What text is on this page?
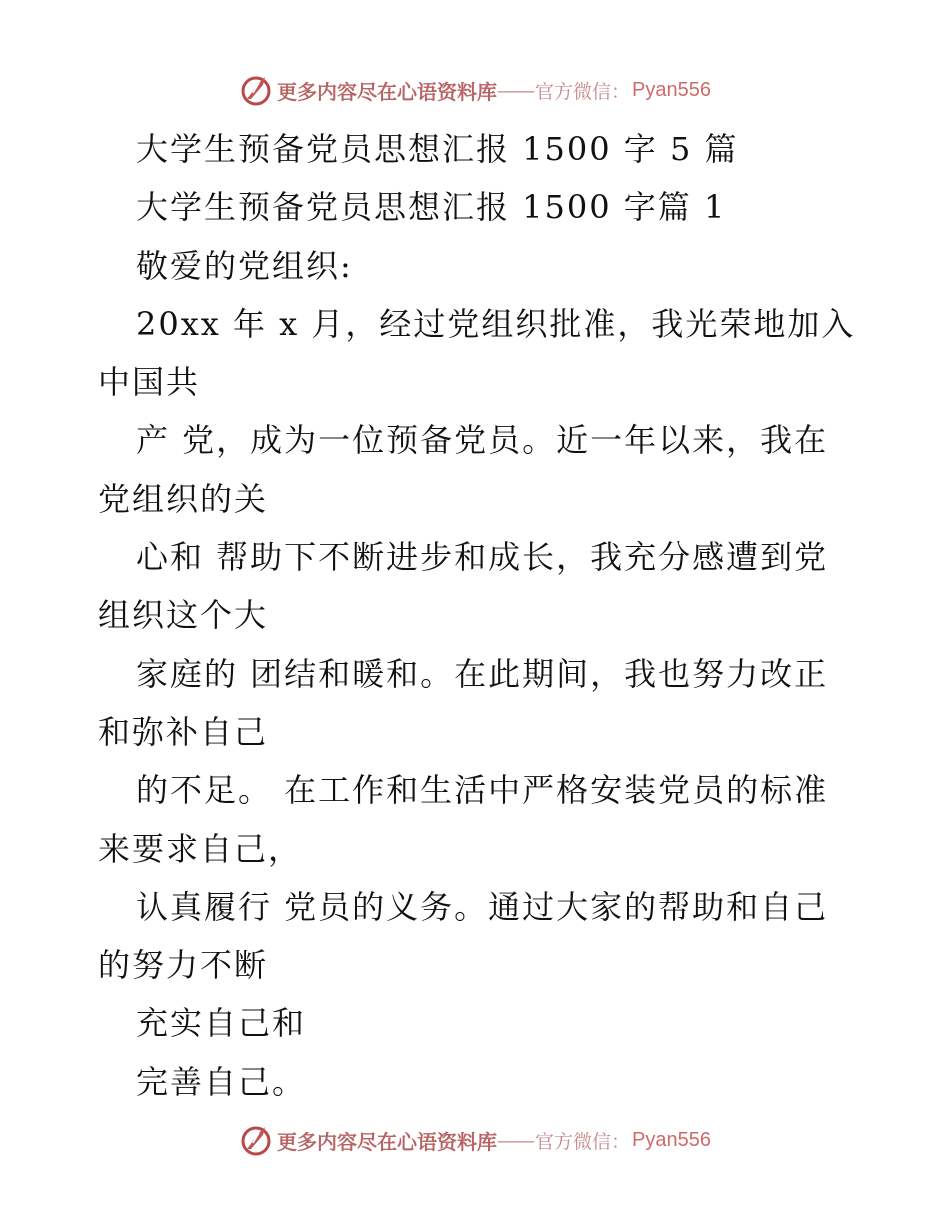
更多内容尽在心语资料库 —— 官方微信： Pyan556
大学生预备党员思想汇报 1500 字 5 篇
大学生预备党员思想汇报 1500 字篇 1
敬爱的党组织:
20xx 年 x 月，经过党组织批准，我光荣地加入
中国共
产 党，成为一位预备党员。近一年以来，我在
党组织的关
心和 帮助下不断进步和成长，我充分感遭到党
组织这个大
家庭的 团结和暖和。在此期间，我也努力改正
和弥补自己
的不足。 在工作和生活中严格安装党员的标准
来要求自己，
认真履行 党员的义务。通过大家的帮助和自己
的努力不断
充实自己和
完善自己。
更多内容尽在心语资料库 —— 官方微信： Pyan556
